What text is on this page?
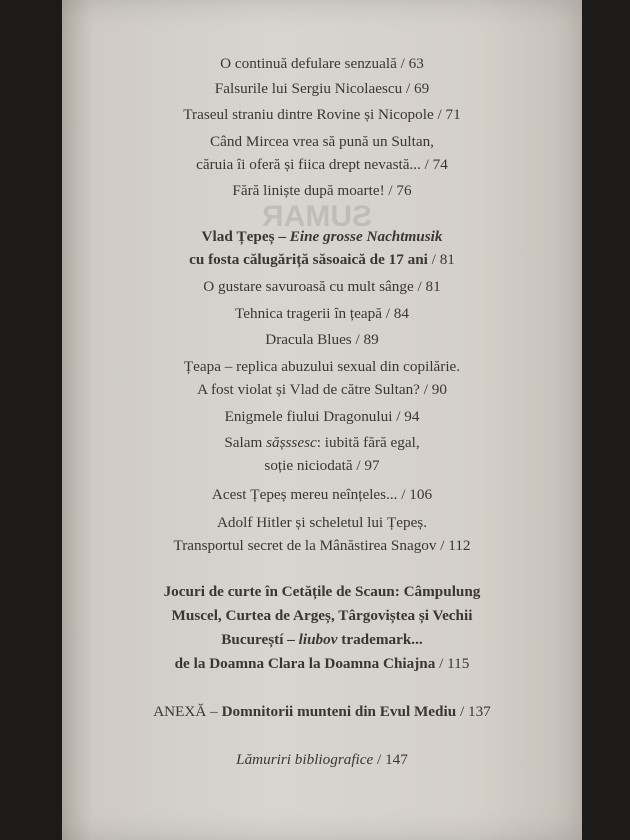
SUMAR
O continuă defulare senzuală / 63
Falsurile lui Sergiu Nicolaescu / 69
Traseul straniu dintre Rovine și Nicopole / 71
Când Mircea vrea să pună un Sultan,
căruia îi oferă și fiica drept nevastă... / 74
Fără liniște după moarte! / 76
Vlad Țepeș – Eine grosse Nachtmusik
cu fosta călugăriță săsoaică de 17 ani / 81
O gustare savuroasă cu mult sânge / 81
Tehnica tragerii în țeapă / 84
Dracula Blues / 89
Țeapa – replica abuzului sexual din copilărie.
A fost violat și Vlad de către Sultan? / 90
Enigmele fiului Dragonului / 94
Salam sășssesc: iubită fără egal,
soție niciodată / 97
Acest Țepeș mereu neînțeles... / 106
Adolf Hitler și scheletul lui Țepeș.
Transportul secret de la Mânăstirea Snagov / 112
Jocuri de curte în Cetățile de Scaun: Câmpulung
Muscel, Curtea de Argeș, Târgoviștea și Vechii
Bucureștí – liubov trademark...
de la Doamna Clara la Doamna Chiajna / 115
ANEXĂ – Domnitorii munteni din Evul Mediu / 137
Lămuriri bibliografice / 147
